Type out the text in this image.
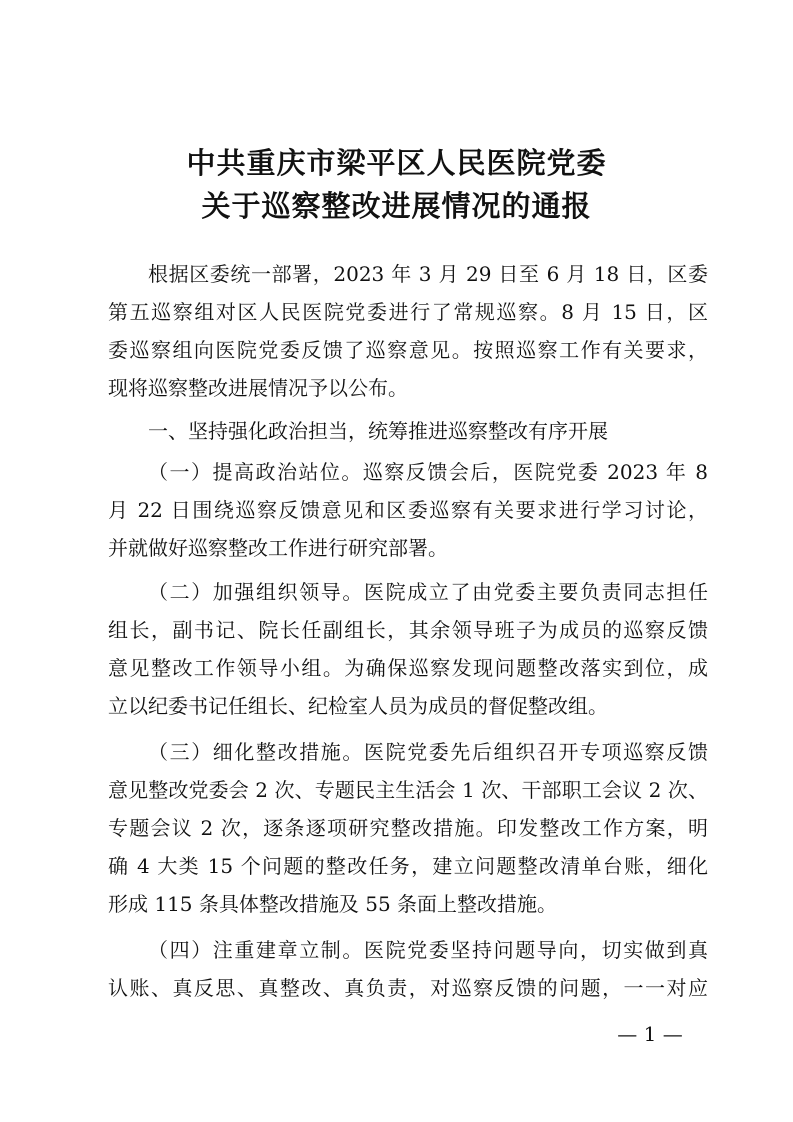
中共重庆市梁平区人民医院党委
关于巡察整改进展情况的通报
根据区委统一部署，2023 年 3 月 29 日至 6 月 18 日，区委
第五巡察组对区人民医院党委进行了常规巡察。8 月 15 日，区
委巡察组向医院党委反馈了巡察意见。按照巡察工作有关要求，
现将巡察整改进展情况予以公布。
一、坚持强化政治担当，统筹推进巡察整改有序开展
（一）提高政治站位。巡察反馈会后，医院党委 2023 年 8
月 22 日围绕巡察反馈意见和区委巡察有关要求进行学习讨论，
并就做好巡察整改工作进行研究部署。
（二）加强组织领导。医院成立了由党委主要负责同志担任
组长，副书记、院长任副组长，其余领导班子为成员的巡察反馈
意见整改工作领导小组。为确保巡察发现问题整改落实到位，成
立以纪委书记任组长、纪检室人员为成员的督促整改组。
（三）细化整改措施。医院党委先后组织召开专项巡察反馈
意见整改党委会 2 次、专题民主生活会 1 次、干部职工会议 2 次、
专题会议 2 次，逐条逐项研究整改措施。印发整改工作方案，明
确 4 大类 15 个问题的整改任务，建立问题整改清单台账，细化
形成 115 条具体整改措施及 55 条面上整改措施。
（四）注重建章立制。医院党委坚持问题导向，切实做到真
认账、真反思、真整改、真负责，对巡察反馈的问题，一一对应
— 1 —
